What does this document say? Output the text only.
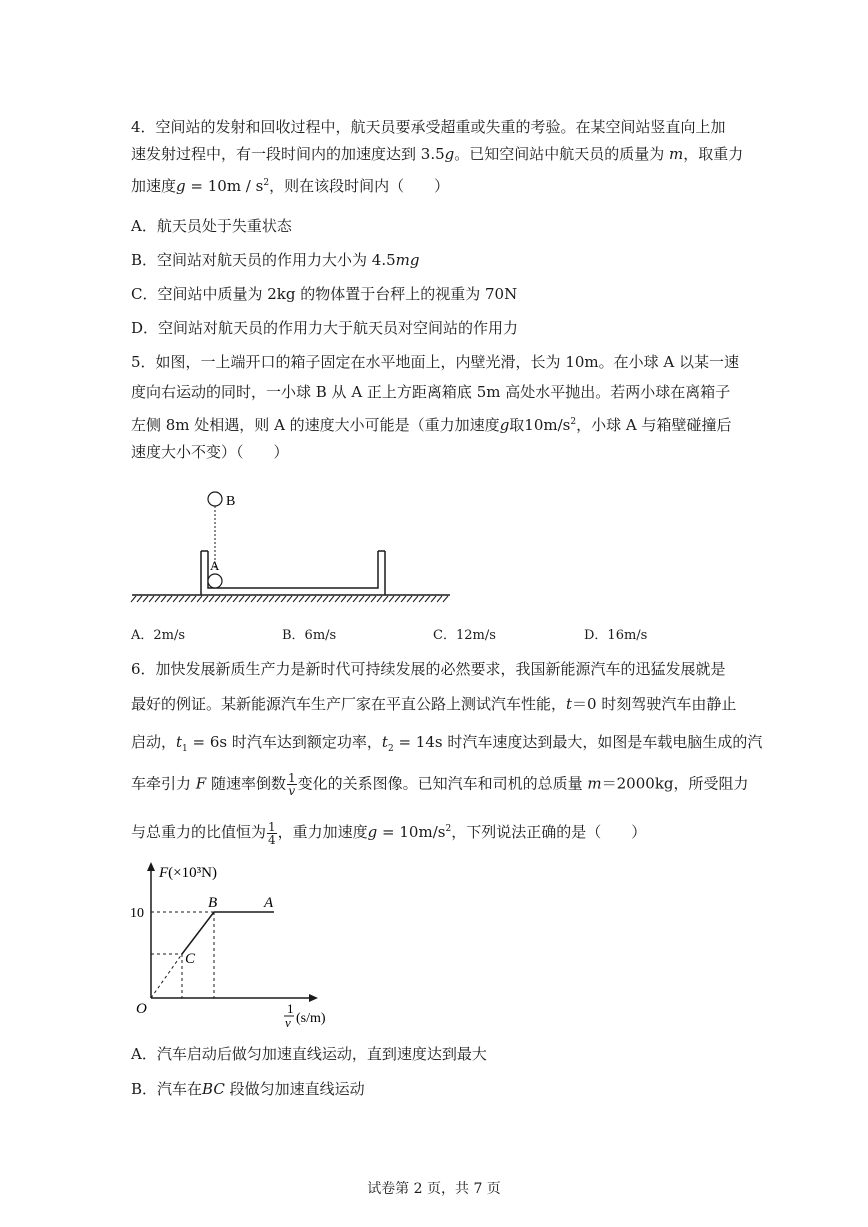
4．空间站的发射和回收过程中，航天员要承受超重或失重的考验。在某空间站竖直向上加
速发射过程中，有一段时间内的加速度达到 3.5g。已知空间站中航天员的质量为 m，取重力
加速度$g = 10m / s^2$，则在该段时间内（　　）
A．航天员处于失重状态
B．空间站对航天员的作用力大小为 4.5mg
C．空间站中质量为 2kg 的物体置于台秤上的视重为 70N
D．空间站对航天员的作用力大于航天员对空间站的作用力
5．如图，一上端开口的箱子固定在水平地面上，内壁光滑，长为 10m。在小球 A 以某一速
度向右运动的同时，一小球 B 从 A 正上方距离箱底 5m 高处水平抛出。若两小球在离箱子
左侧 8m 处相遇，则 A 的速度大小可能是（重力加速度g取$10m/s^2$，小球 A 与箱壁碰撞后
速度大小不变）（　　）
B
A
A．2m/s	B．6m/s	C．12m/s	D．16m/s
6．加快发展新质生产力是新时代可持续发展的必然要求，我国新能源汽车的迅猛发展就是
最好的例证。某新能源汽车生产厂家在平直公路上测试汽车性能，t＝0 时刻驾驶汽车由静止
启动，$t_1 = 6s$ 时汽车达到额定功率，$t_2 = 14s$ 时汽车速度达到最大，如图是车载电脑生成的汽
车牵引力 F 随速率倒数 $\frac{1}{v}$ 变化的关系图像。已知汽车和司机的总质量 m＝2000kg，所受阻力
与总重力的比值恒为 $\frac{1}{4}$ ，重力加速度$g = 10m/s^2$，下列说法正确的是（　　）
F(×10³N)
10
O
B	A
C
1
v (s/m)
A．汽车启动后做匀加速直线运动，直到速度达到最大
B．汽车在BC 段做匀加速直线运动
试卷第 2 页，共 7 页
